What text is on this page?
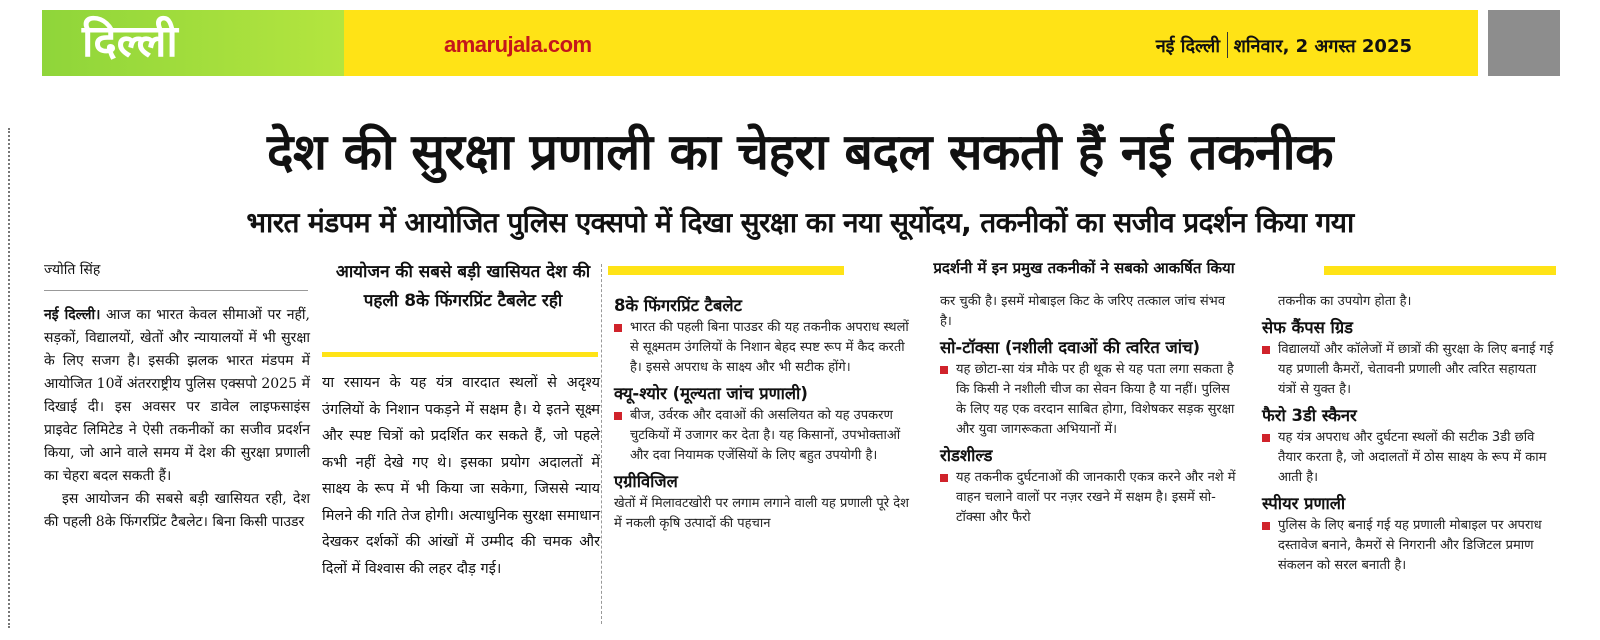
दिल्ली	amarujala.com	नई दिल्ली शनिवार, 2 अगस्त 2025
देश की सुरक्षा प्रणाली का चेहरा बदल सकती हैं नई तकनीक
भारत मंडपम में आयोजित पुलिस एक्सपो में दिखा सुरक्षा का नया सूर्योदय, तकनीकों का सजीव प्रदर्शन किया गया
ज्योति सिंह

नई दिल्ली। आज का भारत केवल सीमाओं पर नहीं, सड़कों, विद्यालयों, खेतों और न्यायालयों में भी सुरक्षा के लिए सजग है। इसकी झलक भारत मंडपम में आयोजित 10वें अंतरराष्ट्रीय पुलिस एक्सपो 2025 में दिखाई दी। इस अवसर पर डावेल लाइफसाइंस प्राइवेट लिमिटेड ने ऐसी तकनीकों का सजीव प्रदर्शन किया, जो आने वाले समय में देश की सुरक्षा प्रणाली का चेहरा बदल सकती हैं।

इस आयोजन की सबसे बड़ी खासियत रही, देश की पहली 8के फिंगरप्रिंट टैबलेट। बिना किसी पाउडर

आयोजन की सबसे बड़ी खासियत देश की पहली 8के फिंगरप्रिंट टैबलेट रही
या रसायन के यह यंत्र वारदात स्थलों से अदृश्य उंगलियों के निशान पकड़ने में सक्षम है। ये इतने सूक्ष्म और स्पष्ट चित्रों को प्रदर्शित कर सकते हैं, जो पहले कभी नहीं देखे गए थे। इसका प्रयोग अदालतों में साक्ष्य के रूप में भी किया जा सकेगा, जिससे न्याय मिलने की गति तेज होगी। अत्याधुनिक सुरक्षा समाधान देखकर दर्शकों की आंखों में उम्मीद की चमक और दिलों में विश्वास की लहर दौड़ गई।
प्रदर्शनी में इन प्रमुख तकनीकों ने सबको आकर्षित किया
8के फिंगरप्रिंट टैबलेट
भारत की पहली बिना पाउडर की यह तकनीक अपराध स्थलों से सूक्ष्मतम उंगलियों के निशान बेहद स्पष्ट रूप में कैद करती है। इससे अपराध के साक्ष्य और भी सटीक होंगे।
क्यू-श्योर (मूल्यता जांच प्रणाली)
बीज, उर्वरक और दवाओं की असलियत को यह उपकरण चुटकियों में उजागर कर देता है। यह किसानों, उपभोक्ताओं और दवा नियामक एजेंसियों के लिए बहुत उपयोगी है।
एग्रीविजिल
खेतों में मिलावटखोरी पर लगाम लगाने वाली यह प्रणाली पूरे देश में नकली कृषि उत्पादों की पहचान
कर चुकी है। इसमें मोबाइल किट के जरिए तत्काल जांच संभव है।
सो-टॉक्सा (नशीली दवाओं की त्वरित जांच)
यह छोटा-सा यंत्र मौके पर ही थूक से यह पता लगा सकता है कि किसी ने नशीली चीज का सेवन किया है या नहीं। पुलिस के लिए यह एक वरदान साबित होगा, विशेषकर सड़क सुरक्षा और युवा जागरूकता अभियानों में।
रोडशील्ड
यह तकनीक दुर्घटनाओं की जानकारी एकत्र करने और नशे में वाहन चलाने वालों पर नज़र रखने में सक्षम है। इसमें सो-टॉक्सा और फैरो
तकनीक का उपयोग होता है।
सेफ कैंपस ग्रिड
विद्यालयों और कॉलेजों में छात्रों की सुरक्षा के लिए बनाई गई यह प्रणाली कैमरों, चेतावनी प्रणाली और त्वरित सहायता यंत्रों से युक्त है।
फैरो 3डी स्कैनर
यह यंत्र अपराध और दुर्घटना स्थलों की सटीक 3डी छवि तैयार करता है, जो अदालतों में ठोस साक्ष्य के रूप में काम आती है।
स्पीयर प्रणाली
पुलिस के लिए बनाई गई यह प्रणाली मोबाइल पर अपराध दस्तावेज बनाने, कैमरों से निगरानी और डिजिटल प्रमाण संकलन को सरल बनाती है।
